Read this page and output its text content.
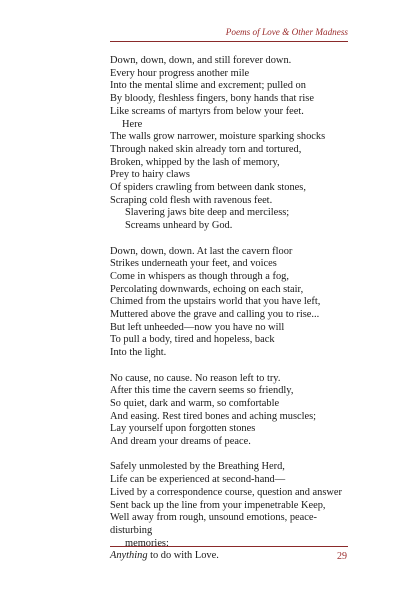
Poems of Love & Other Madness
Down, down, down, and still forever down.
Every hour progress another mile
Into the mental slime and excrement; pulled on
By bloody, fleshless fingers, bony hands that rise
Like screams of martyrs from below your feet.
Here
The walls grow narrower, moisture sparking shocks
Through naked skin already torn and tortured,
Broken, whipped by the lash of memory,
Prey to hairy claws
Of spiders crawling from between dank stones,
Scraping cold flesh with ravenous feet.
Slavering jaws bite deep and merciless;
Screams unheard by God.
Down, down, down. At last the cavern floor
Strikes underneath your feet, and voices
Come in whispers as though through a fog,
Percolating downwards, echoing on each stair,
Chimed from the upstairs world that you have left,
Muttered above the grave and calling you to rise...
But left unheeded—now you have no will
To pull a body, tired and hopeless, back
Into the light.
No cause, no cause. No reason left to try.
After this time the cavern seems so friendly,
So quiet, dark and warm, so comfortable
And easing. Rest tired bones and aching muscles;
Lay yourself upon forgotten stones
And dream your dreams of peace.
Safely unmolested by the Breathing Herd,
Life can be experienced at second-hand—
Lived by a correspondence course, question and answer
Sent back up the line from your impenetrable Keep,
Well away from rough, unsound emotions, peace-
disturbing
memories:
Anything to do with Love.	29
